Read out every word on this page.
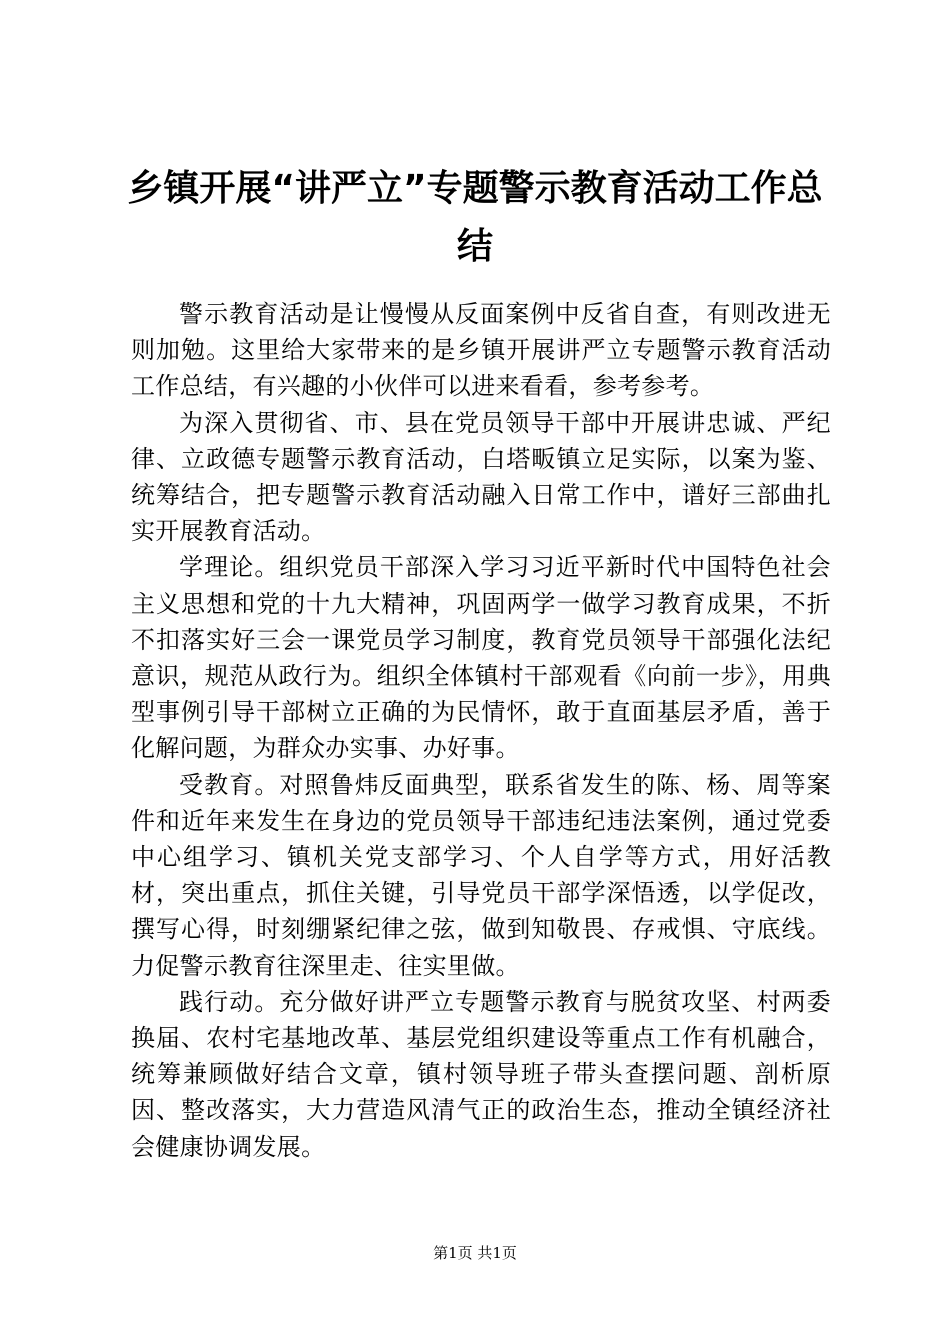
乡镇开展“讲严立”专题警示教育活动工作总结

警示教育活动是让慢慢从反面案例中反省自查，有则改进无则加勉。这里给大家带来的是乡镇开展讲严立专题警示教育活动工作总结，有兴趣的小伙伴可以进来看看，参考参考。

为深入贯彻省、市、县在党员领导干部中开展讲忠诚、严纪律、立政德专题警示教育活动，白塔畈镇立足实际，以案为鉴、统筹结合，把专题警示教育活动融入日常工作中，谱好三部曲扎实开展教育活动。

学理论。组织党员干部深入学习习近平新时代中国特色社会主义思想和党的十九大精神，巩固两学一做学习教育成果，不折不扣落实好三会一课党员学习制度，教育党员领导干部强化法纪意识，规范从政行为。组织全体镇村干部观看《向前一步》，用典型事例引导干部树立正确的为民情怀，敢于直面基层矛盾，善于化解问题，为群众办实事、办好事。

受教育。对照鲁炜反面典型，联系省发生的陈、杨、周等案件和近年来发生在身边的党员领导干部违纪违法案例，通过党委中心组学习、镇机关党支部学习、个人自学等方式，用好活教材，突出重点，抓住关键，引导党员干部学深悟透，以学促改，撰写心得，时刻绷紧纪律之弦，做到知敬畏、存戒惧、守底线。力促警示教育往深里走、往实里做。

践行动。充分做好讲严立专题警示教育与脱贫攻坚、村两委换届、农村宅基地改革、基层党组织建设等重点工作有机融合，统筹兼顾做好结合文章，镇村领导班子带头查摆问题、剖析原因、整改落实，大力营造风清气正的政治生态，推动全镇经济社会健康协调发展。

第1页 共1页
